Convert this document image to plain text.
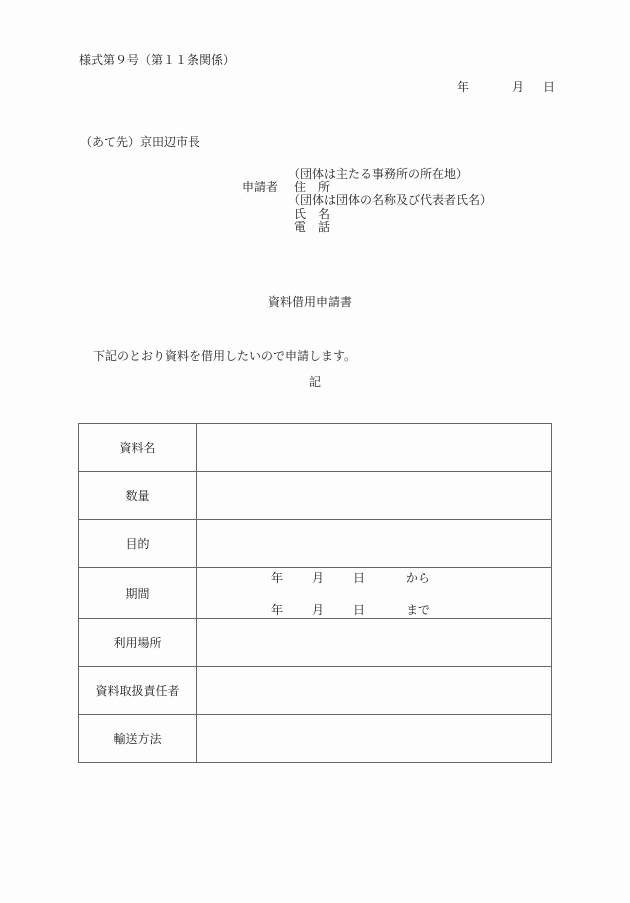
様式第９号（第１１条関係）
年	月 日
（あて先）京田辺市長
（団体は主たる事務所の所在地）
申請者 住　所
（団体は団体の名称及び代表者氏名）
氏　名
電　話
資料借用申請書
下記のとおり資料を借用したいので申請します。
記
資料名	
数量	
目的	
期間	年 月 日 から
年 月 日 まで

利用場所	
資料取扱責任者	
輸送方法	
